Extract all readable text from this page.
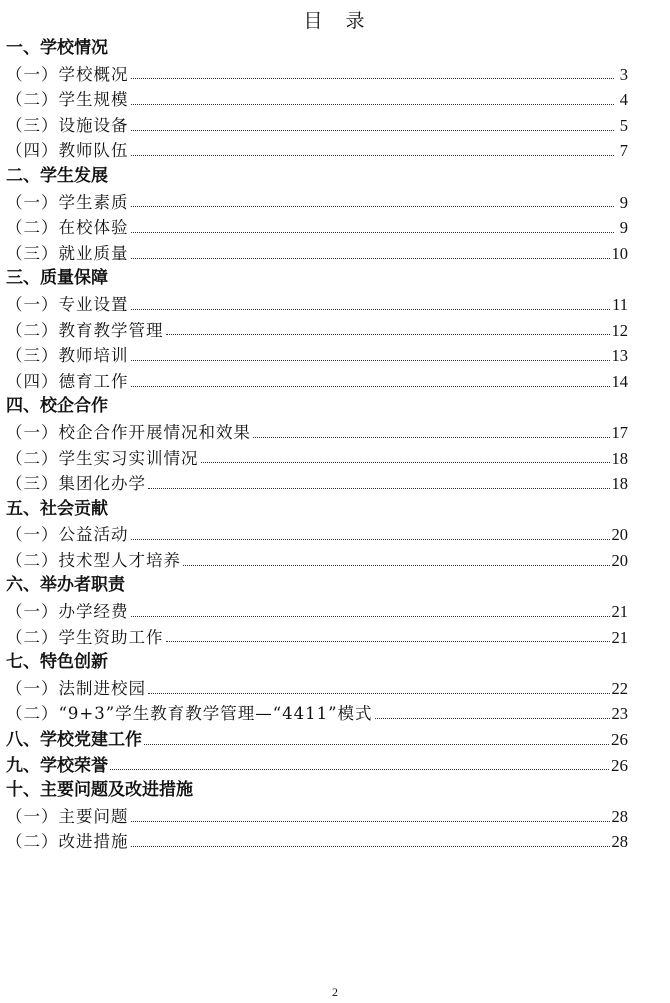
目　录
一、学校情况
（一）学校概况	3
（二）学生规模	4
（三）设施设备	5
（四）教师队伍	7
二、学生发展
（一）学生素质	9
（二）在校体验	9
（三）就业质量	10
三、质量保障
（一）专业设置	11
（二）教育教学管理	12
（三）教师培训	13
（四）德育工作	14
四、校企合作
（一）校企合作开展情况和效果	17
（二）学生实习实训情况	18
（三）集团化办学	18
五、社会贡献
（一）公益活动	20
（二）技术型人才培养	20
六、举办者职责
（一）办学经费	21
（二）学生资助工作	21
七、特色创新
（一）法制进校园	22
（二）“9+3”学生教育教学管理—“4411”模式	23
八、学校党建工作	26
九、学校荣誉	26
十、主要问题及改进措施
（一）主要问题	28
（二）改进措施	28
2
